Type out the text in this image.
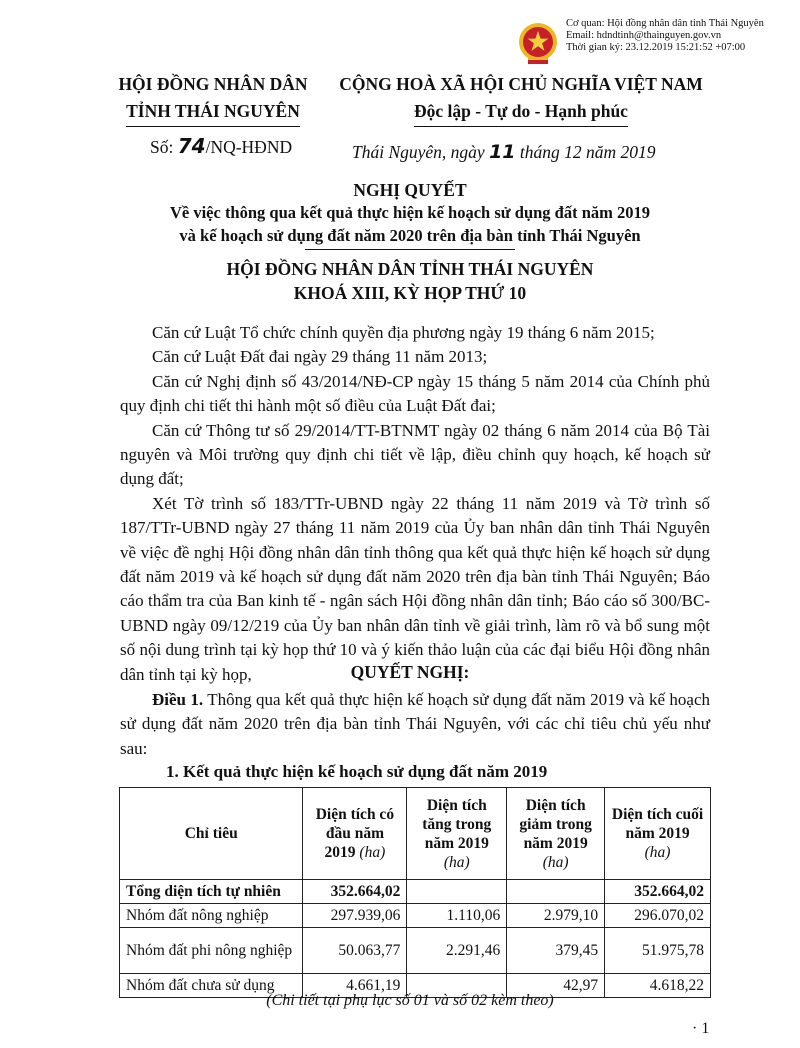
Cơ quan: Hội đồng nhân dân tỉnh Thái Nguyên
Email: hdndtinh@thainguyen.gov.vn
Thời gian ký: 23.12.2019 15:21:52 +07:00
HỘI ĐỒNG NHÂN DÂN
TỈNH THÁI NGUYÊN
CỘNG HOÀ XÃ HỘI CHỦ NGHĨA VIỆT NAM
Độc lập - Tự do - Hạnh phúc
Số: 74/NQ-HĐND	Thái Nguyên, ngày 11 tháng 12 năm 2019
NGHỊ QUYẾT
Về việc thông qua kết quả thực hiện kế hoạch sử dụng đất năm 2019
và kế hoạch sử dụng đất năm 2020 trên địa bàn tỉnh Thái Nguyên
HỘI ĐỒNG NHÂN DÂN TỈNH THÁI NGUYÊN
KHOÁ XIII, KỲ HỌP THỨ 10

Căn cứ Luật Tổ chức chính quyền địa phương ngày 19 tháng 6 năm 2015;

Căn cứ Luật Đất đai ngày 29 tháng 11 năm 2013;

Căn cứ Nghị định số 43/2014/NĐ-CP ngày 15 tháng 5 năm 2014 của Chính phủ quy định chi tiết thi hành một số điều của Luật Đất đai;

Căn cứ Thông tư số 29/2014/TT-BTNMT ngày 02 tháng 6 năm 2014 của Bộ Tài nguyên và Môi trường quy định chi tiết về lập, điều chỉnh quy hoạch, kế hoạch sử dụng đất;

Xét Tờ trình số 183/TTr-UBND ngày 22 tháng 11 năm 2019 và Tờ trình số 187/TTr-UBND ngày 27 tháng 11 năm 2019 của Ủy ban nhân dân tỉnh Thái Nguyên về việc đề nghị Hội đồng nhân dân tỉnh thông qua kết quả thực hiện kế hoạch sử dụng đất năm 2019 và kế hoạch sử dụng đất năm 2020 trên địa bàn tỉnh Thái Nguyên; Báo cáo thẩm tra của Ban kinh tế - ngân sách Hội đồng nhân dân tỉnh; Báo cáo số 300/BC-UBND ngày 09/12/219 của Ủy ban nhân dân tỉnh về giải trình, làm rõ và bổ sung một số nội dung trình tại kỳ họp thứ 10 và ý kiến thảo luận của các đại biểu Hội đồng nhân dân tỉnh tại kỳ họp,	QUYẾT NGHỊ:

Điều 1. Thông qua kết quả thực hiện kế hoạch sử dụng đất năm 2019 và kế hoạch sử dụng đất năm 2020 trên địa bàn tỉnh Thái Nguyên, với các chỉ tiêu chủ yếu như sau:

1. Kết quả thực hiện kế hoạch sử dụng đất năm 2019
Chỉ tiêu	Diện tích có đầu năm 2019 (ha)	Diện tích tăng trong năm 2019 (ha)	Diện tích giảm trong năm 2019 (ha)	Diện tích cuối năm 2019 (ha)
Tổng diện tích tự nhiên	352.664,02			352.664,02
Nhóm đất nông nghiệp	297.939,06	1.110,06	2.979,10	296.070,02
Nhóm đất phi nông nghiệp	50.063,77	2.291,46	379,45	51.975,78
Nhóm đất chưa sử dụng	4.661,19		42,97	4.618,22
(Chi tiết tại phụ lục số 01 và số 02 kèm theo)
· 1
